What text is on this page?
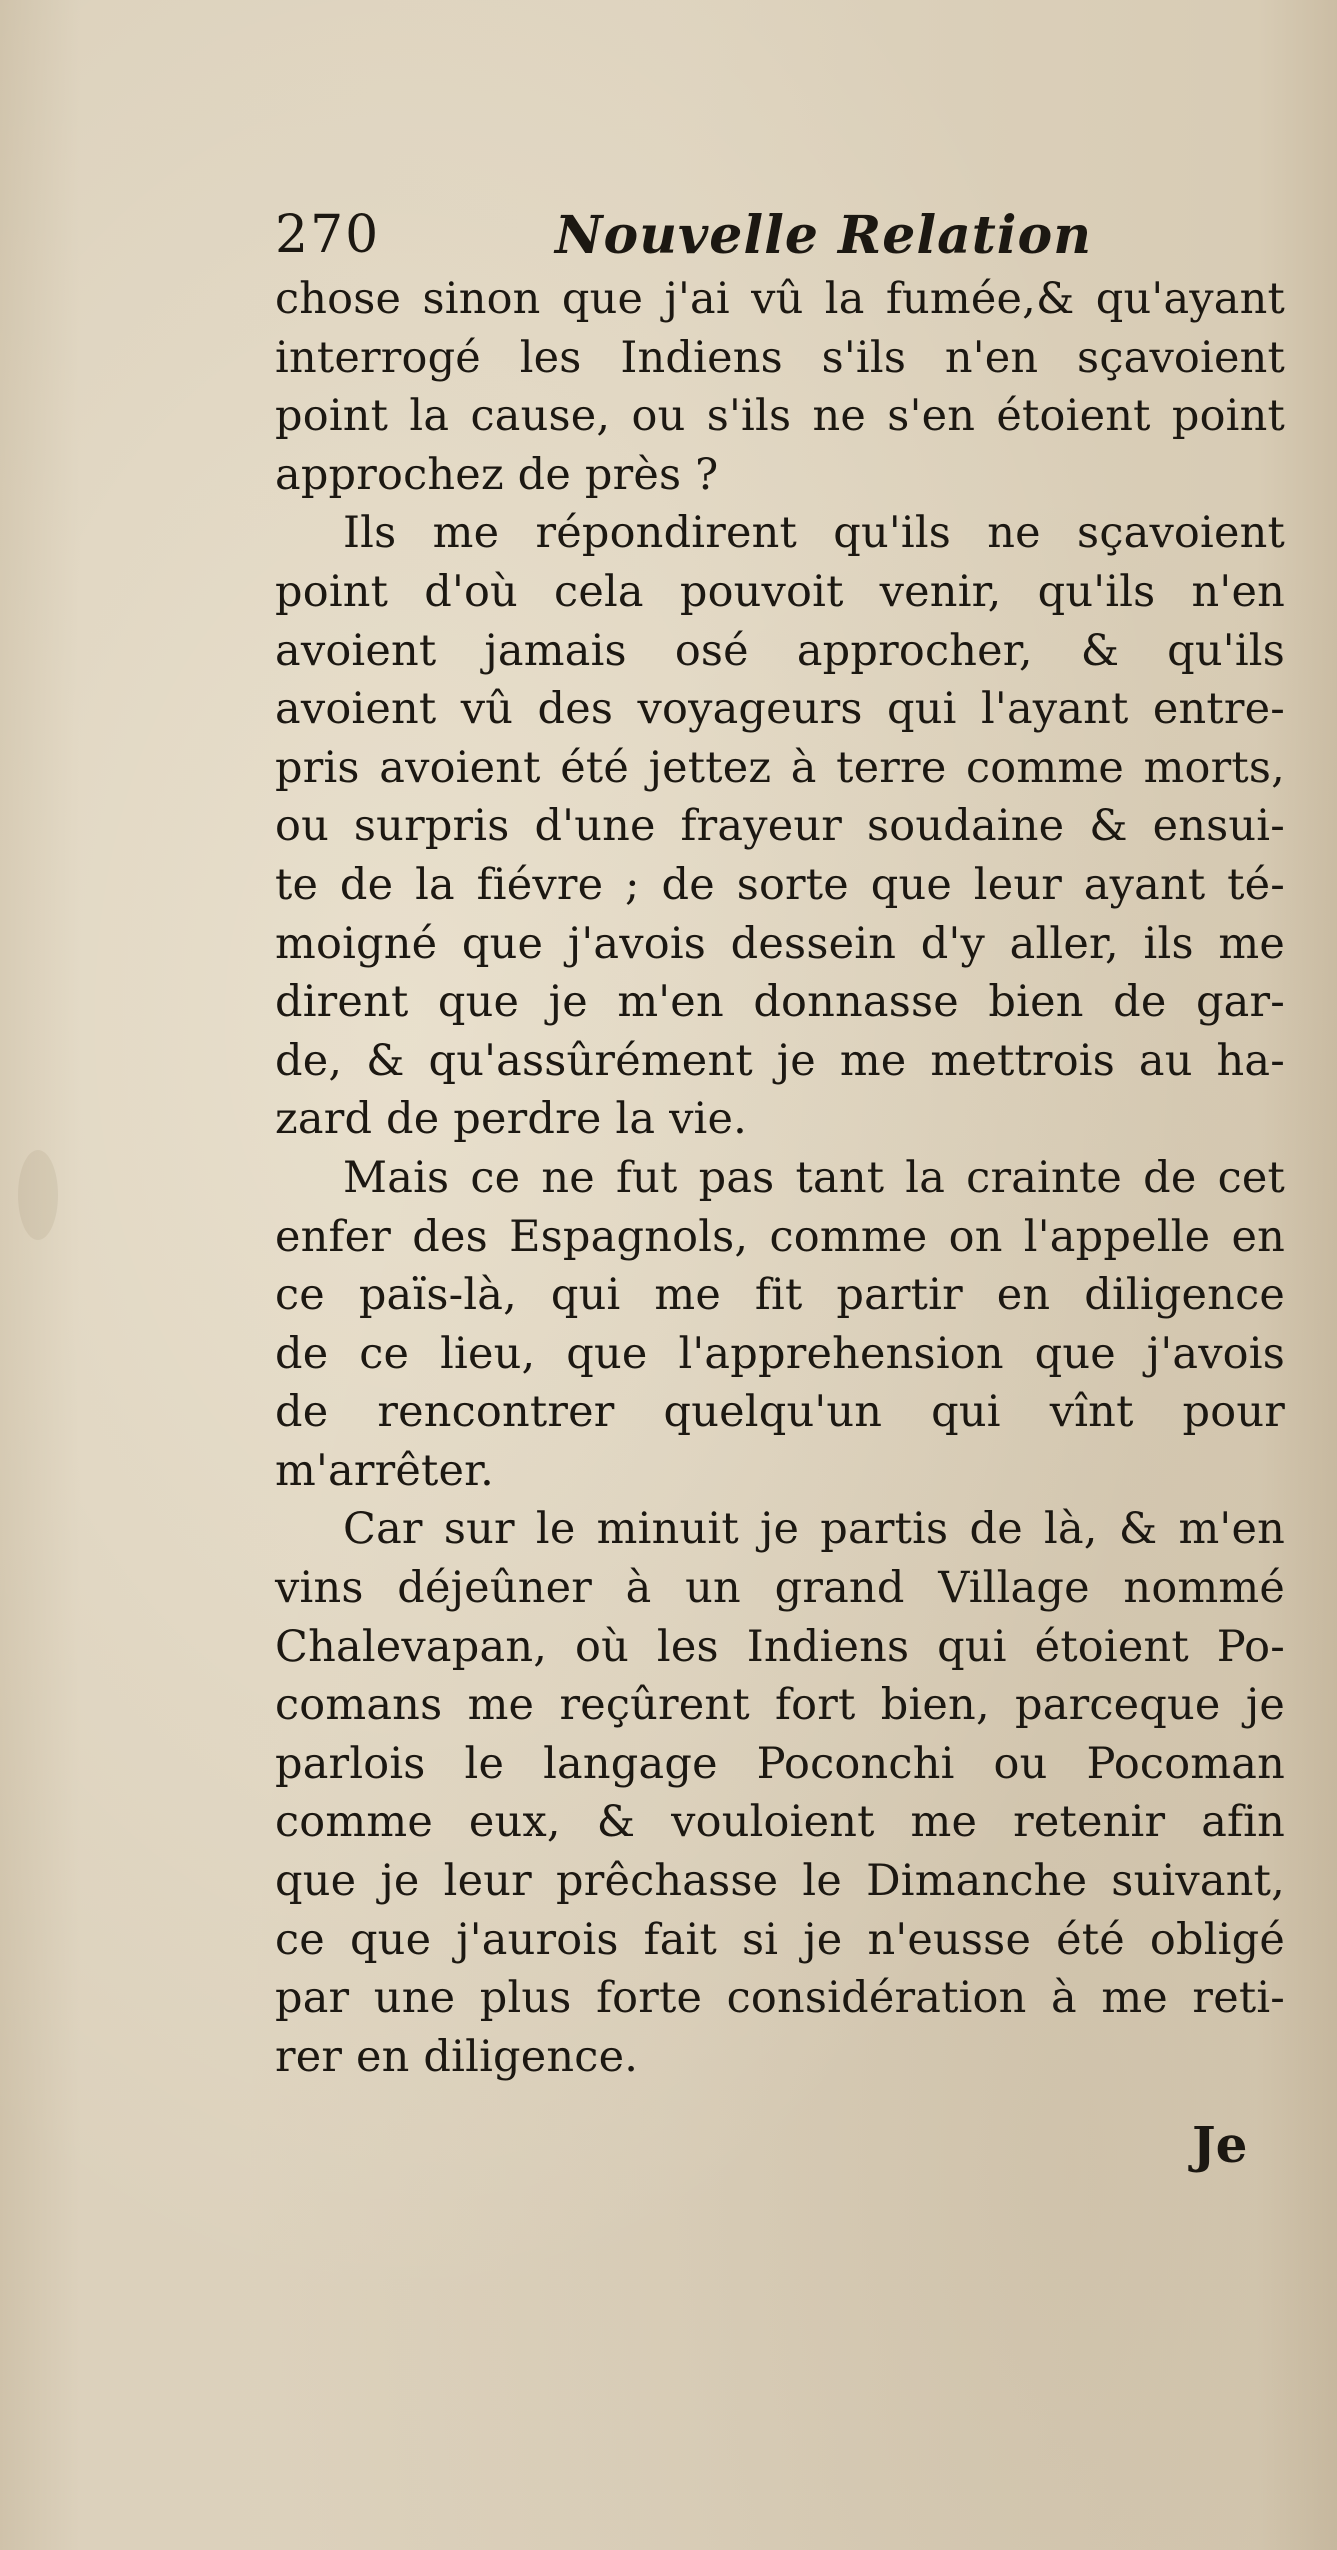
270	Nouvelle Relation
chose sinon que j'ai vû la fumée,& qu'ayant
interrogé les Indiens s'ils n'en sçavoient
point la cause, ou s'ils ne s'en étoient point
approchez de près ?
Ils me répondirent qu'ils ne sçavoient
point d'où cela pouvoit venir, qu'ils n'en
avoient jamais osé approcher, & qu'ils
avoient vû des voyageurs qui l'ayant entre-
pris avoient été jettez à terre comme morts,
ou surpris d'une frayeur soudaine & ensui-
te de la fiévre ; de sorte que leur ayant té-
moigné que j'avois dessein d'y aller, ils me
dirent que je m'en donnasse bien de gar-
de, & qu'assûrément je me mettrois au ha-
zard de perdre la vie.
Mais ce ne fut pas tant la crainte de cet
enfer des Espagnols, comme on l'appelle en
ce païs-là, qui me fit partir en diligence
de ce lieu, que l'apprehension que j'avois
de rencontrer quelqu'un qui vînt pour
m'arrêter.
Car sur le minuit je partis de là, & m'en
vins déjeûner à un grand Village nommé
Chalevapan, où les Indiens qui étoient Po-
comans me reçûrent fort bien, parceque je
parlois le langage Poconchi ou Pocoman
comme eux, & vouloient me retenir afin
que je leur prêchasse le Dimanche suivant,
ce que j'aurois fait si je n'eusse été obligé
par une plus forte considération à me reti-
rer en diligence.
Je
